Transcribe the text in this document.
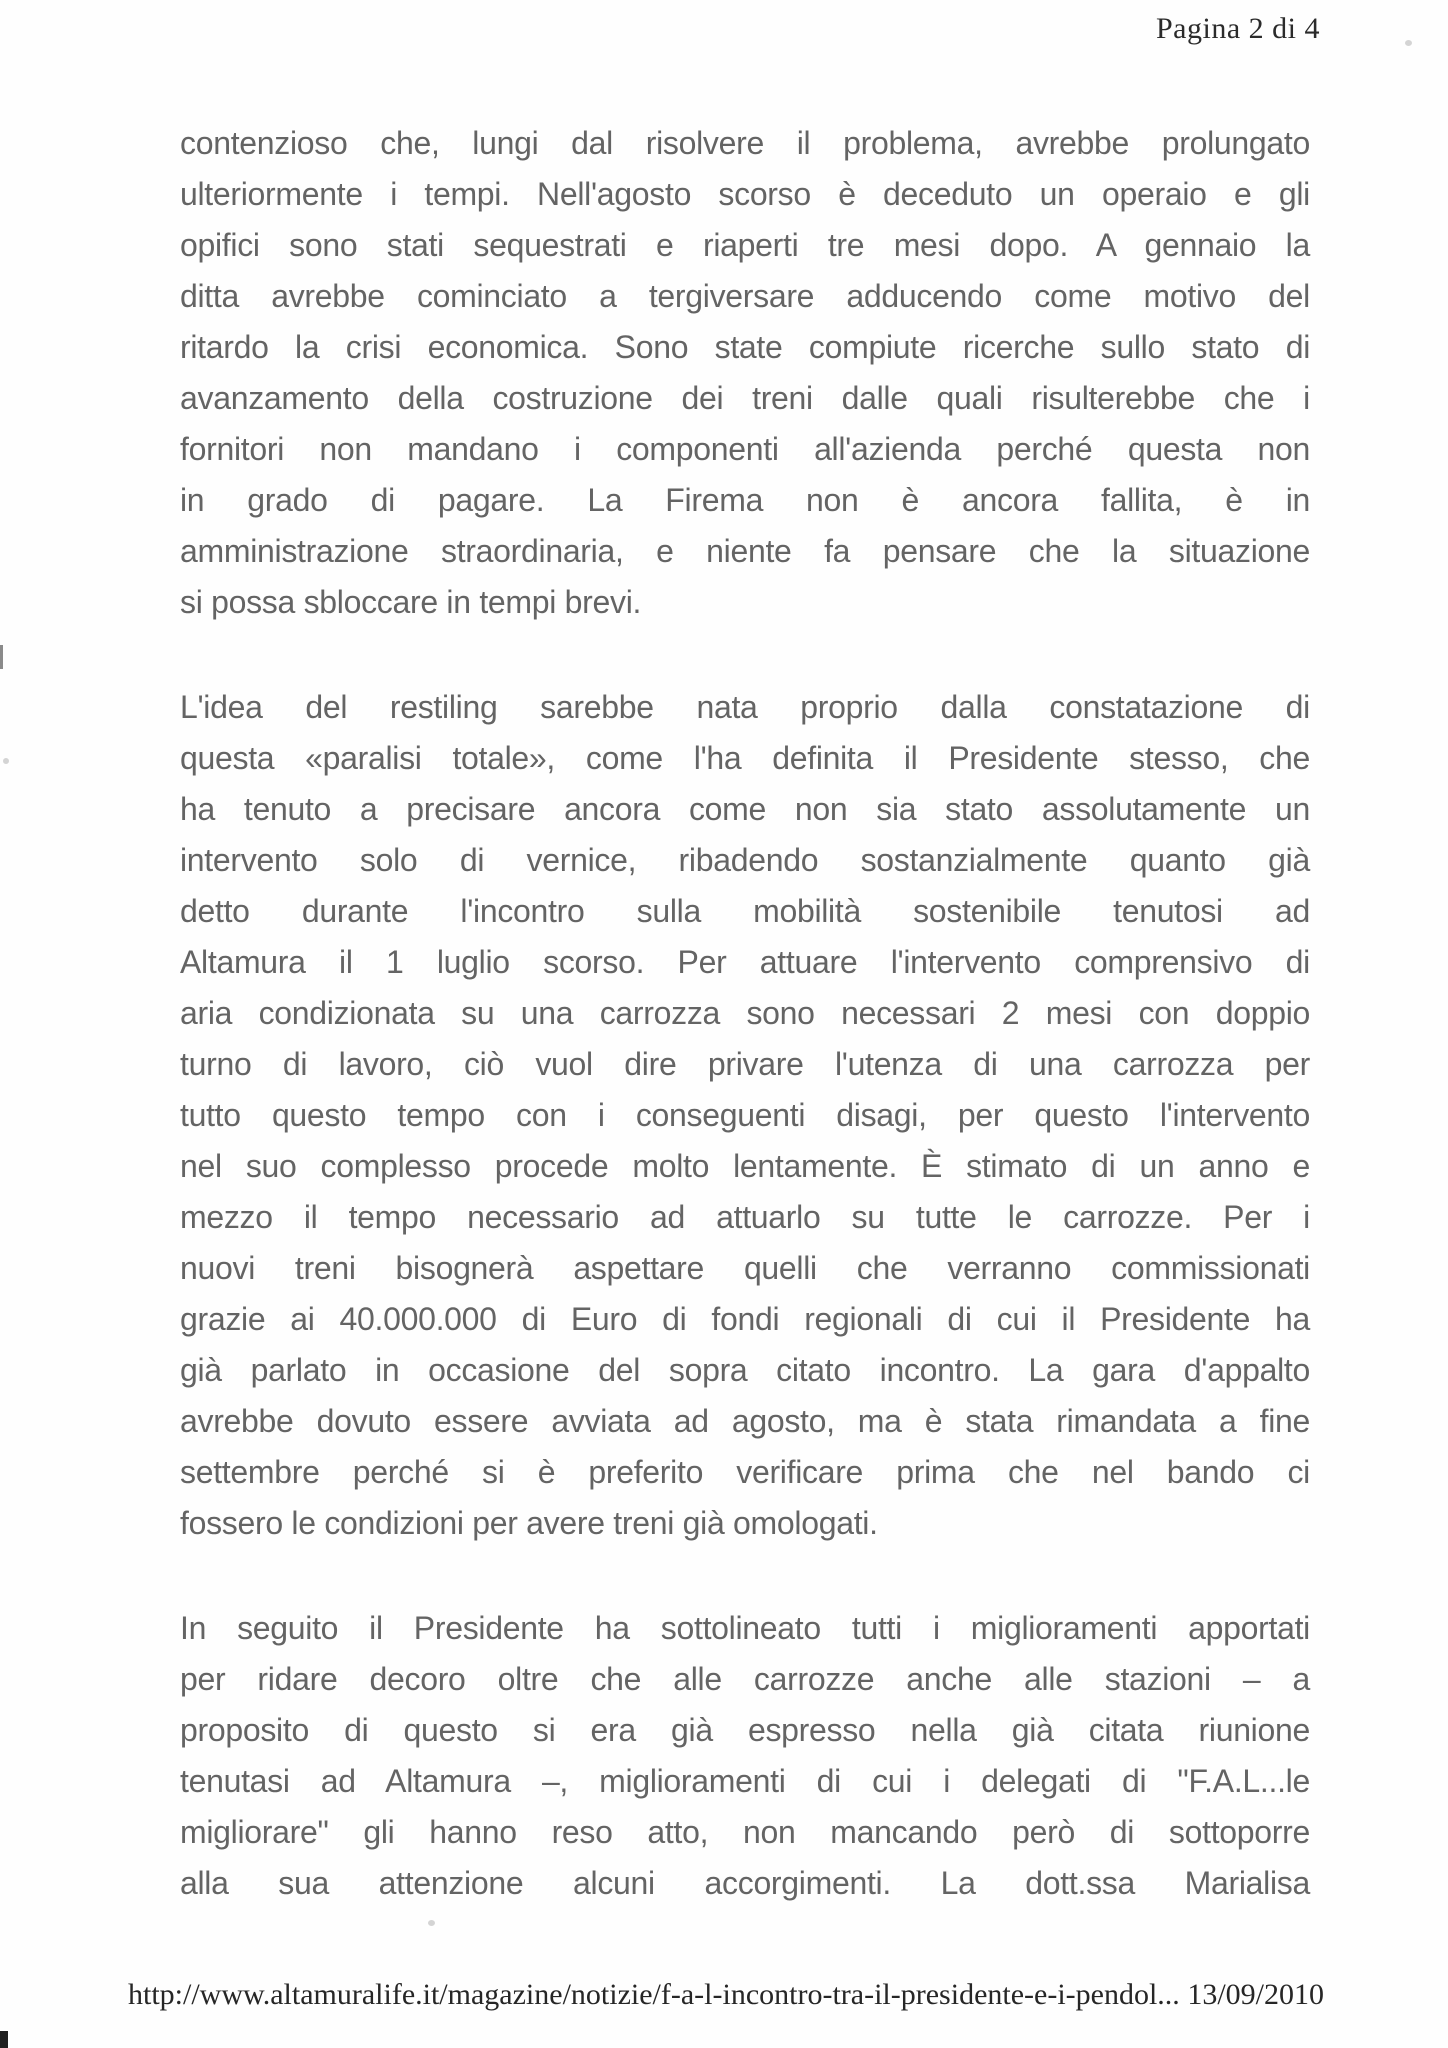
Pagina 2 di 4
contenzioso che, lungi dal risolvere il problema, avrebbe prolungato
ulteriormente i tempi. Nell'agosto scorso è deceduto un operaio e gli
opifici sono stati sequestrati e riaperti tre mesi dopo. A gennaio la
ditta avrebbe cominciato a tergiversare adducendo come motivo del
ritardo la crisi economica. Sono state compiute ricerche sullo stato di
avanzamento della costruzione dei treni dalle quali risulterebbe che i
fornitori non mandano i componenti all'azienda perché questa non
in grado di pagare. La Firema non è ancora fallita, è in
amministrazione straordinaria, e niente fa pensare che la situazione
si possa sbloccare in tempi brevi.
L'idea del restiling sarebbe nata proprio dalla constatazione di
questa «paralisi totale», come l'ha definita il Presidente stesso, che
ha tenuto a precisare ancora come non sia stato assolutamente un
intervento solo di vernice, ribadendo sostanzialmente quanto già
detto durante l'incontro sulla mobilità sostenibile tenutosi ad
Altamura il 1 luglio scorso. Per attuare l'intervento comprensivo di
aria condizionata su una carrozza sono necessari 2 mesi con doppio
turno di lavoro, ciò vuol dire privare l'utenza di una carrozza per
tutto questo tempo con i conseguenti disagi, per questo l'intervento
nel suo complesso procede molto lentamente. È stimato di un anno e
mezzo il tempo necessario ad attuarlo su tutte le carrozze. Per i
nuovi treni bisognerà aspettare quelli che verranno commissionati
grazie ai 40.000.000 di Euro di fondi regionali di cui il Presidente ha
già parlato in occasione del sopra citato incontro. La gara d'appalto
avrebbe dovuto essere avviata ad agosto, ma è stata rimandata a fine
settembre perché si è preferito verificare prima che nel bando ci
fossero le condizioni per avere treni già omologati.
In seguito il Presidente ha sottolineato tutti i miglioramenti apportati
per ridare decoro oltre che alle carrozze anche alle stazioni – a
proposito di questo si era già espresso nella già citata riunione
tenutasi ad Altamura –, miglioramenti di cui i delegati di "F.A.L...le
migliorare" gli hanno reso atto, non mancando però di sottoporre
alla sua attenzione alcuni accorgimenti. La dott.ssa Marialisa
http://www.altamuralife.it/magazine/notizie/f-a-l-incontro-tra-il-presidente-e-i-pendol... 13/09/2010
